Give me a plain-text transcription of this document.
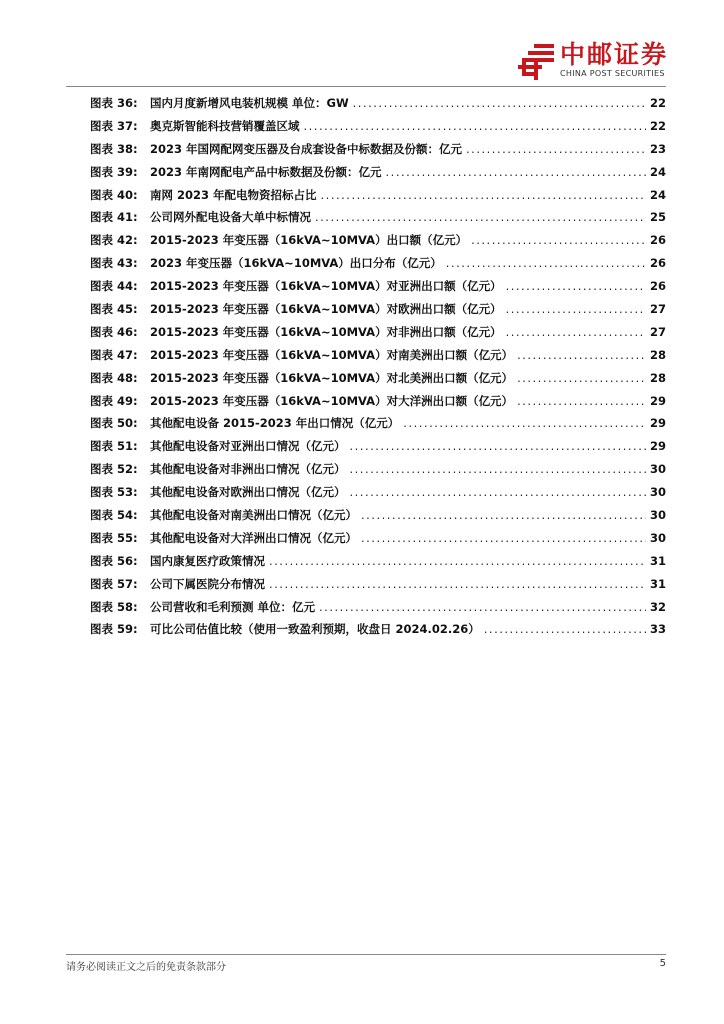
中邮证券
CHINA POST SECURITIES
图表 36:	国内月度新增风电装机规模 单位：GW .....	22
图表 37:	奥克斯智能科技营销覆盖区域 .....	22
图表 38:	2023 年国网配网变压器及台成套设备中标数据及份额：亿元 .....	23
图表 39:	2023 年南网配电产品中标数据及份额：亿元 .....	24
图表 40:	南网 2023 年配电物资招标占比 .....	24
图表 41:	公司网外配电设备大单中标情况 .....	25
图表 42:	2015-2023 年变压器（16kVA~10MVA）出口额（亿元） .....	26
图表 43:	2023 年变压器（16kVA~10MVA）出口分布（亿元） .....	26
图表 44:	2015-2023 年变压器（16kVA~10MVA）对亚洲出口额（亿元） .....	26
图表 45:	2015-2023 年变压器（16kVA~10MVA）对欧洲出口额（亿元） .....	27
图表 46:	2015-2023 年变压器（16kVA~10MVA）对非洲出口额（亿元） .....	27
图表 47:	2015-2023 年变压器（16kVA~10MVA）对南美洲出口额（亿元） .....	28
图表 48:	2015-2023 年变压器（16kVA~10MVA）对北美洲出口额（亿元） .....	28
图表 49:	2015-2023 年变压器（16kVA~10MVA）对大洋洲出口额（亿元） .....	29
图表 50:	其他配电设备 2015-2023 年出口情况（亿元） .....	29
图表 51:	其他配电设备对亚洲出口情况（亿元） .....	29
图表 52:	其他配电设备对非洲出口情况（亿元） .....	30
图表 53:	其他配电设备对欧洲出口情况（亿元） .....	30
图表 54:	其他配电设备对南美洲出口情况（亿元） .....	30
图表 55:	其他配电设备对大洋洲出口情况（亿元） .....	30
图表 56:	国内康复医疗政策情况 .....	31
图表 57:	公司下属医院分布情况 .....	31
图表 58:	公司营收和毛利预测 单位：亿元 .....	32
图表 59:	可比公司估值比较（使用一致盈利预期，收盘日 2024.02.26） .....	33
请务必阅读正文之后的免责条款部分	5
